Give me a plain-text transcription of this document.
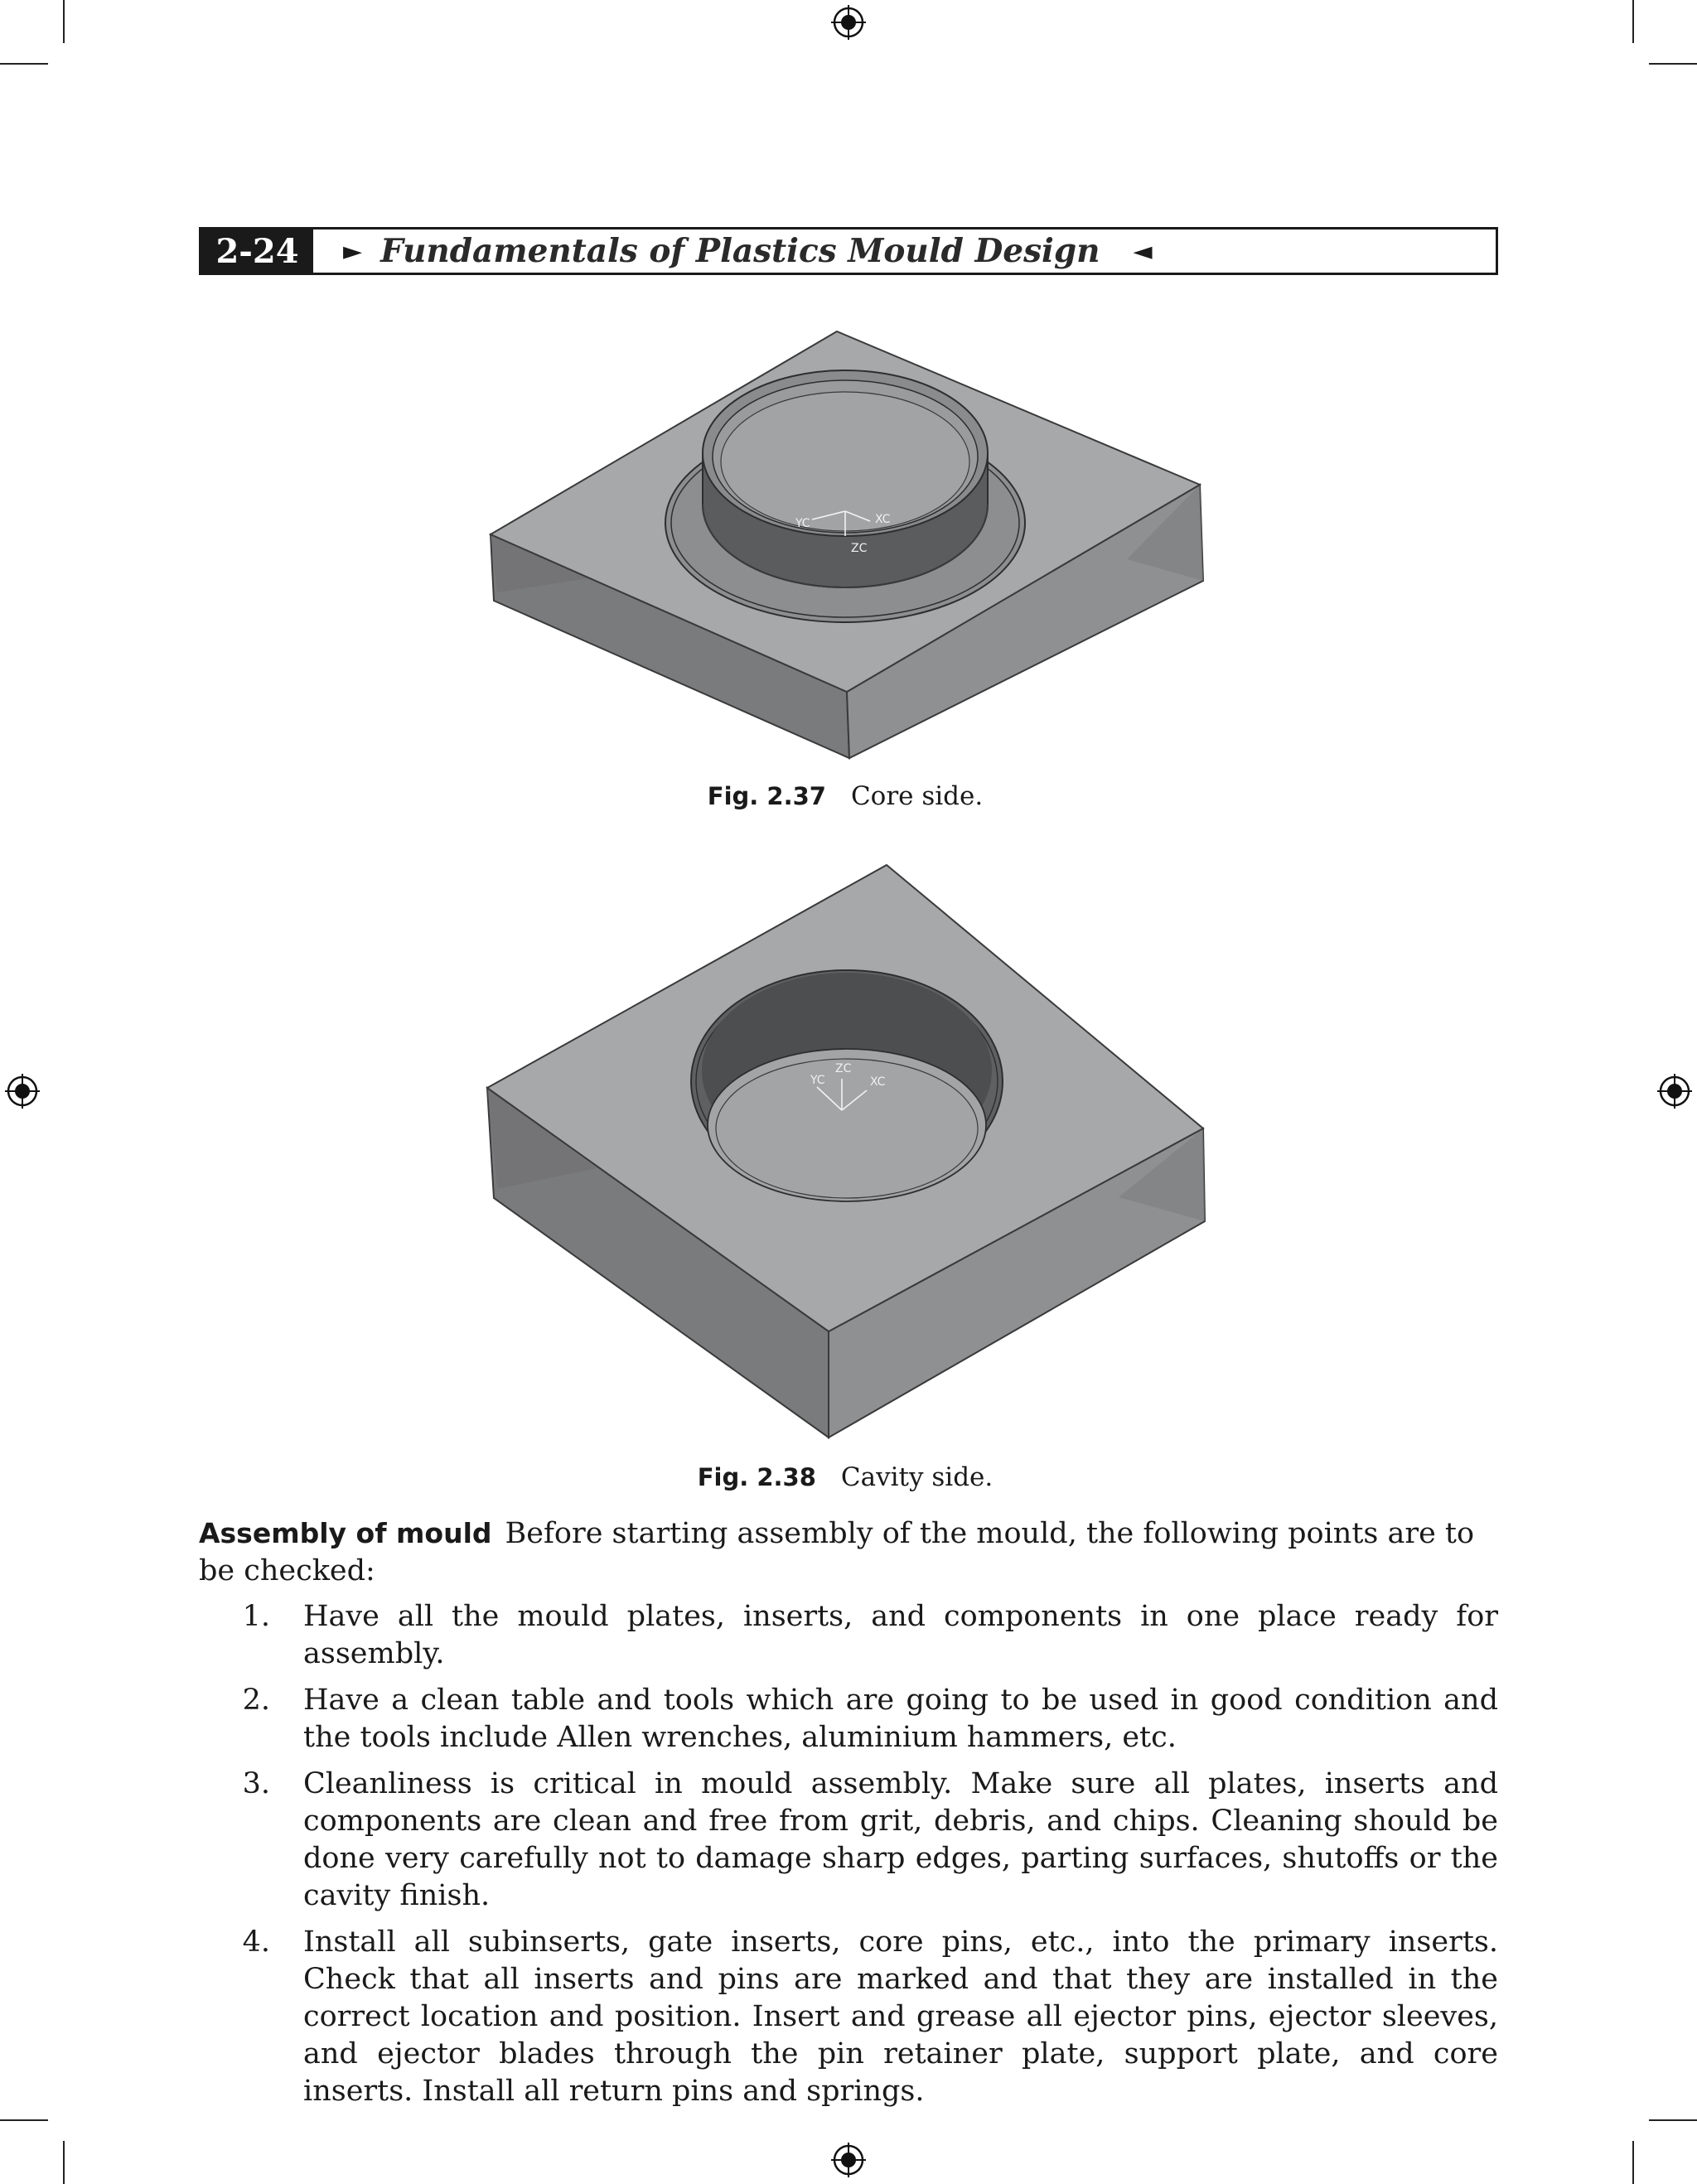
2-24	► Fundamentals of Plastics Mould Design ◄
YC	XC
ZC
Fig. 2.37 Core side.
YC	XC
ZC
Fig. 2.38 Cavity side.

Assembly of mould Before starting assembly of the mould, the following points are to be checked:

1.	Have all the mould plates, inserts, and components in one place ready for assembly.
2.	Have a clean table and tools which are going to be used in good condition and the tools include Allen wrenches, aluminium hammers, etc.
3.	Cleanliness is critical in mould assembly. Make sure all plates, inserts and components are clean and free from grit, debris, and chips. Cleaning should be done very carefully not to damage sharp edges, parting surfaces, shutoffs or the cavity finish.
4.	Install all subinserts, gate inserts, core pins, etc., into the primary inserts. Check that all inserts and pins are marked and that they are installed in the correct location and position. Insert and grease all ejector pins, ejector sleeves, and ejector blades through the pin retainer plate, support plate, and core inserts. Install all return pins and springs.
